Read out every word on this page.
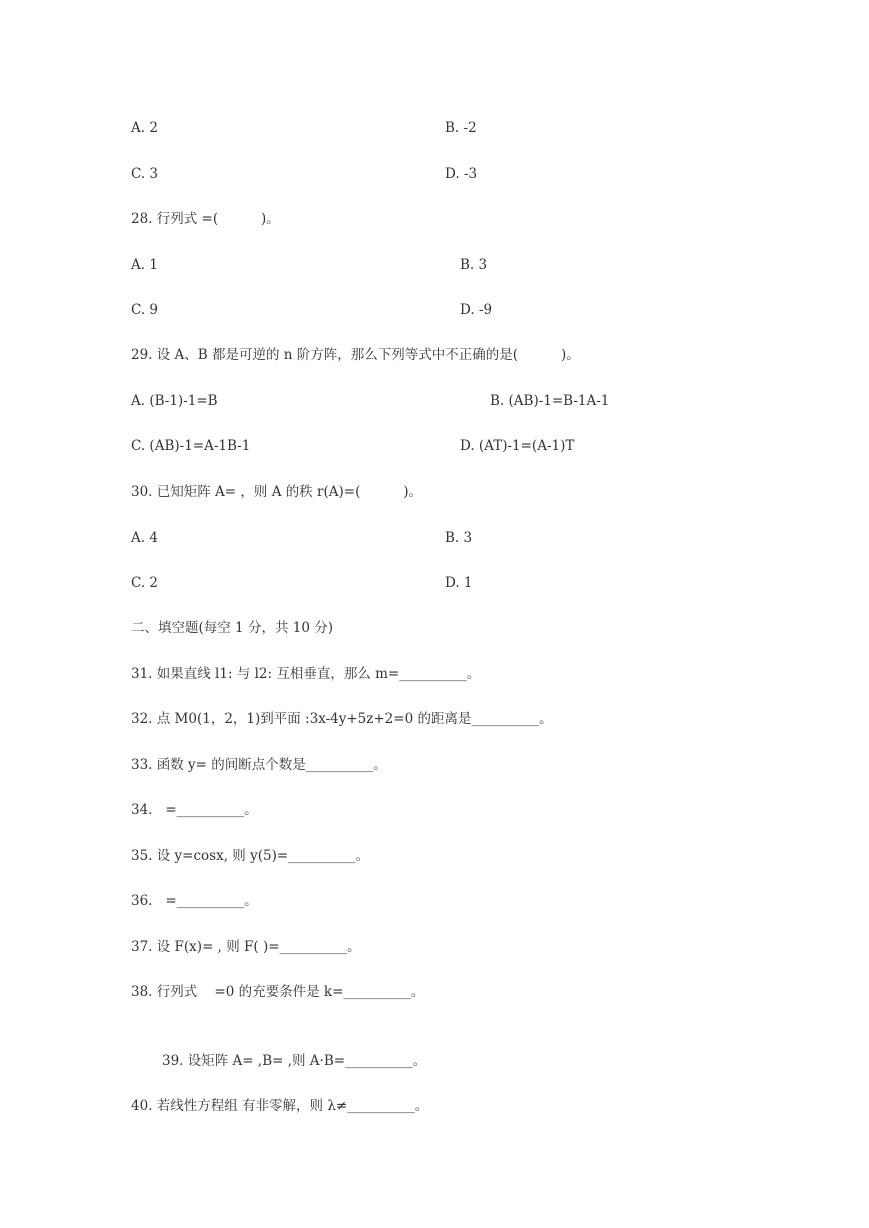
A. 2	B. -2
C. 3	D. -3
28. 行列式 =(          )。
A. 1	B. 3
C. 9	D. -9
29. 设 A、B 都是可逆的 n 阶方阵，那么下列等式中不正确的是(          )。
A. (B-1)-1=B	B. (AB)-1=B-1A-1
C. (AB)-1=A-1B-1	D. (AT)-1=(A-1)T
30. 已知矩阵 A= ，则 A 的秩 r(A)=(          )。
A. 4	B. 3
C. 2	D. 1
二、填空题(每空 1 分，共 10 分)
31. 如果直线 l1: 与 l2: 互相垂直，那么 m=__________。
32. 点 M0(1，2，1)到平面 :3x-4y+5z+2=0 的距离是__________。
33. 函数 y= 的间断点个数是__________。
34.   =__________。
35. 设 y=cosx, 则 y(5)=__________。
36.   =__________。
37. 设 F(x)= , 则 F( )=__________。
38. 行列式    =0 的充要条件是 k=__________。
39. 设矩阵 A= ,B= ,则 A·B=__________。
40. 若线性方程组 有非零解，则 λ≠__________。
